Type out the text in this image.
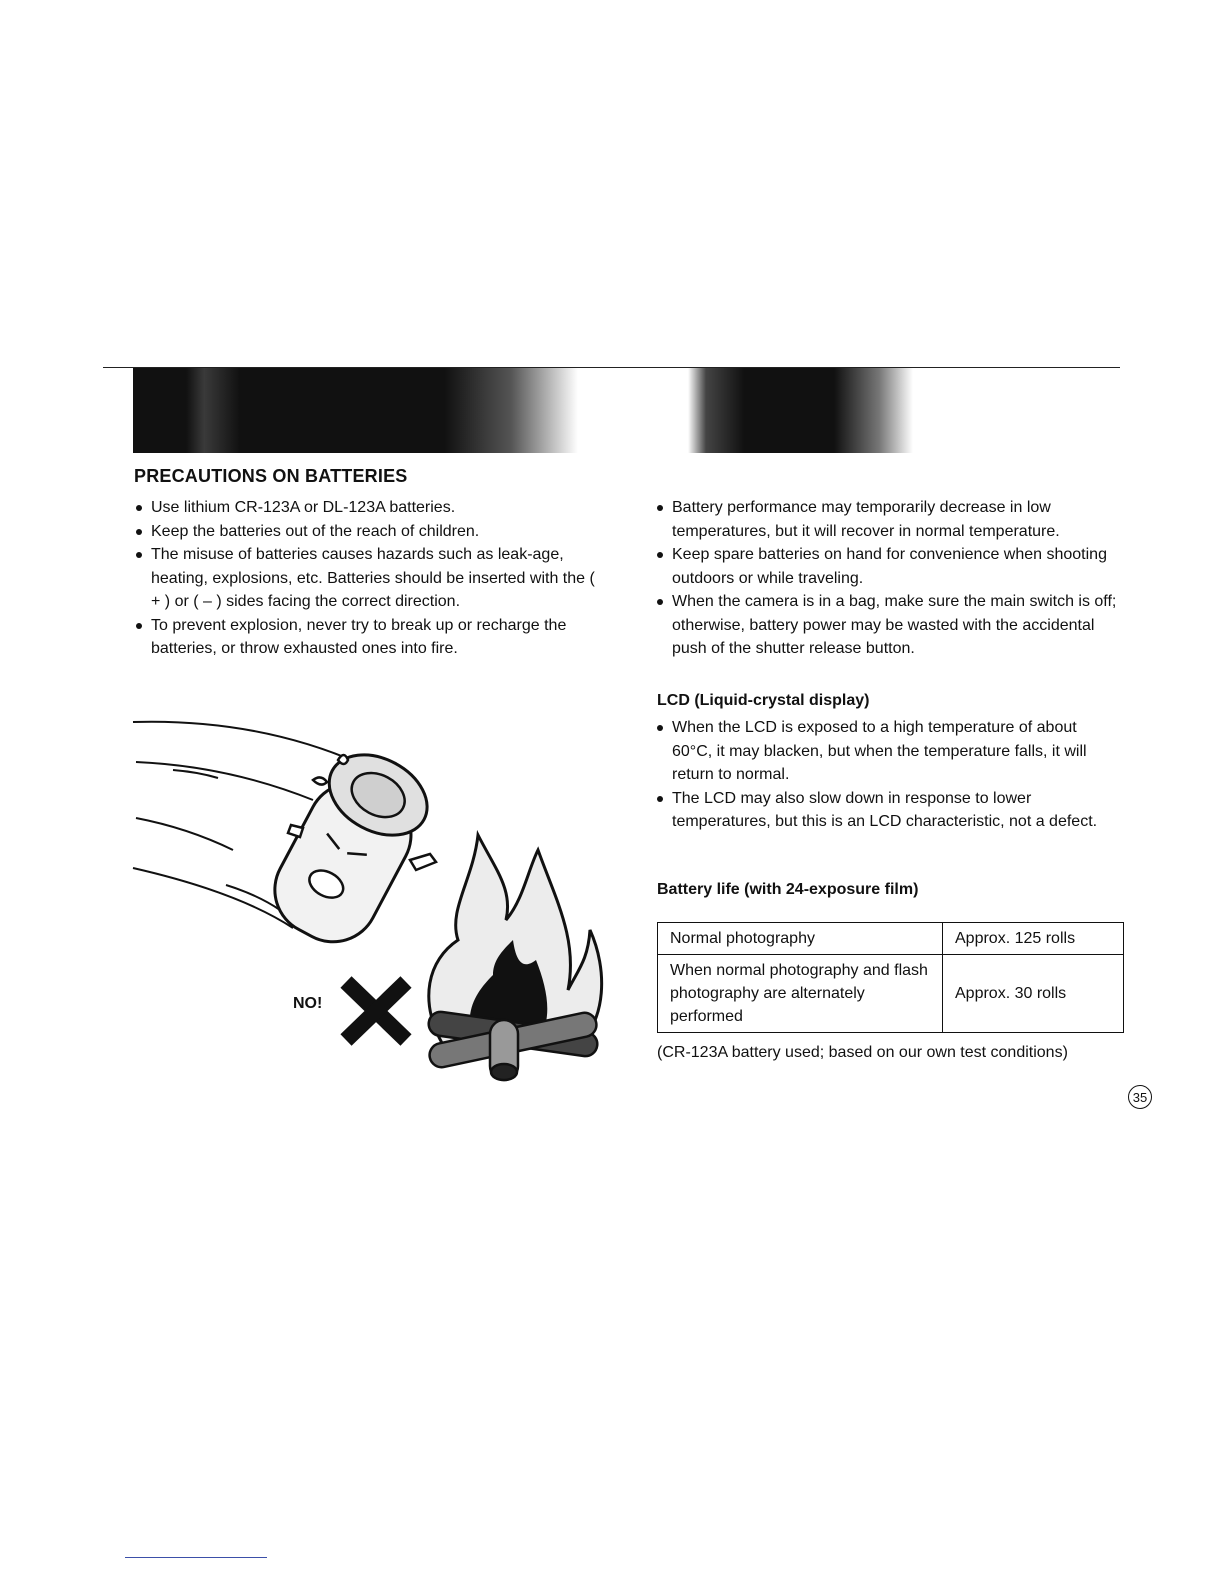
PRECAUTIONS ON BATTERIES
Use lithium CR-123A or DL-123A batteries.
Keep the batteries out of the reach of children.
The misuse of batteries causes hazards such as leak-age, heating, explosions, etc. Batteries should be inserted with the ( + ) or ( – ) sides facing the correct direction.
To prevent explosion, never try to break up or recharge the batteries, or throw exhausted ones into fire.
Battery performance may temporarily decrease in low temperatures, but it will recover in normal temperature.
Keep spare batteries on hand for convenience when shooting outdoors or while traveling.
When the camera is in a bag, make sure the main switch is off; otherwise, battery power may be wasted with the accidental push of the shutter release button.
LCD (Liquid-crystal display)
When the LCD is exposed to a high temperature of about 60°C, it may blacken, but when the temperature falls, it will return to normal.
The LCD may also slow down in response to lower temperatures, but this is an LCD characteristic, not a defect.
NO!
Battery life (with 24-exposure film)
Normal photography	Approx. 125 rolls
When normal photography and flash photography are alternately performed	Approx. 30 rolls
(CR-123A battery used; based on our own test conditions)
35
